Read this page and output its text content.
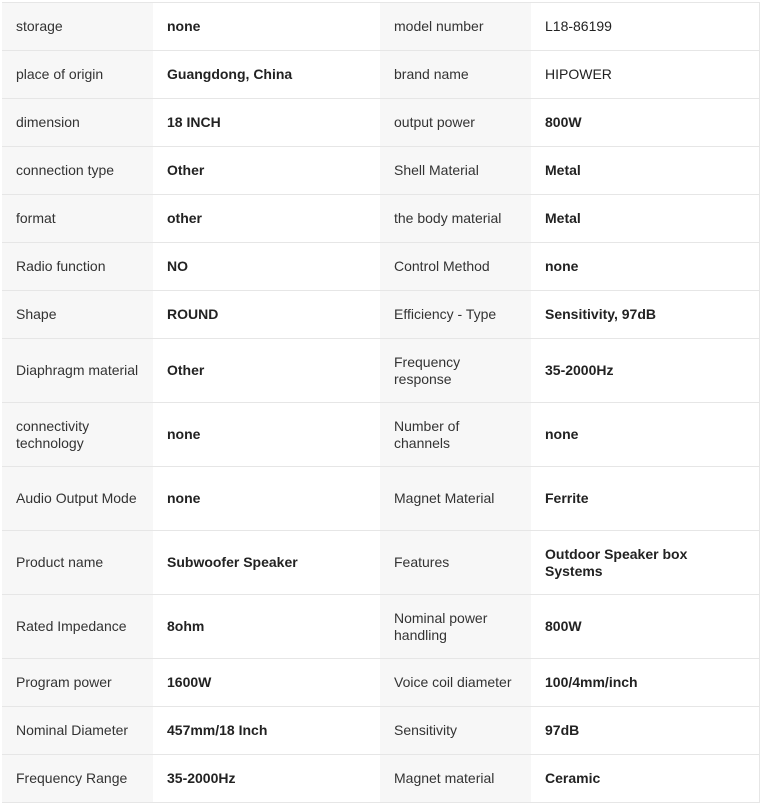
storage	none	model number	L18-86199
place of origin	Guangdong, China	brand name	HIPOWER
dimension	18 INCH	output power	800W
connection type	Other	Shell Material	Metal
format	other	the body material	Metal
Radio function	NO	Control Method	none
Shape	ROUND	Efficiency - Type	Sensitivity, 97dB
Diaphragm material	Other	Frequency response	35-2000Hz
connectivity technology	none	Number of channels	none
Audio Output Mode	none	Magnet Material	Ferrite
Product name	Subwoofer Speaker	Features	Outdoor Speaker box Systems
Rated Impedance	8ohm	Nominal power handling	800W
Program power	1600W	Voice coil diameter	100/4mm/inch
Nominal Diameter	457mm/18 Inch	Sensitivity	97dB
Frequency Range	35-2000Hz	Magnet material	Ceramic
